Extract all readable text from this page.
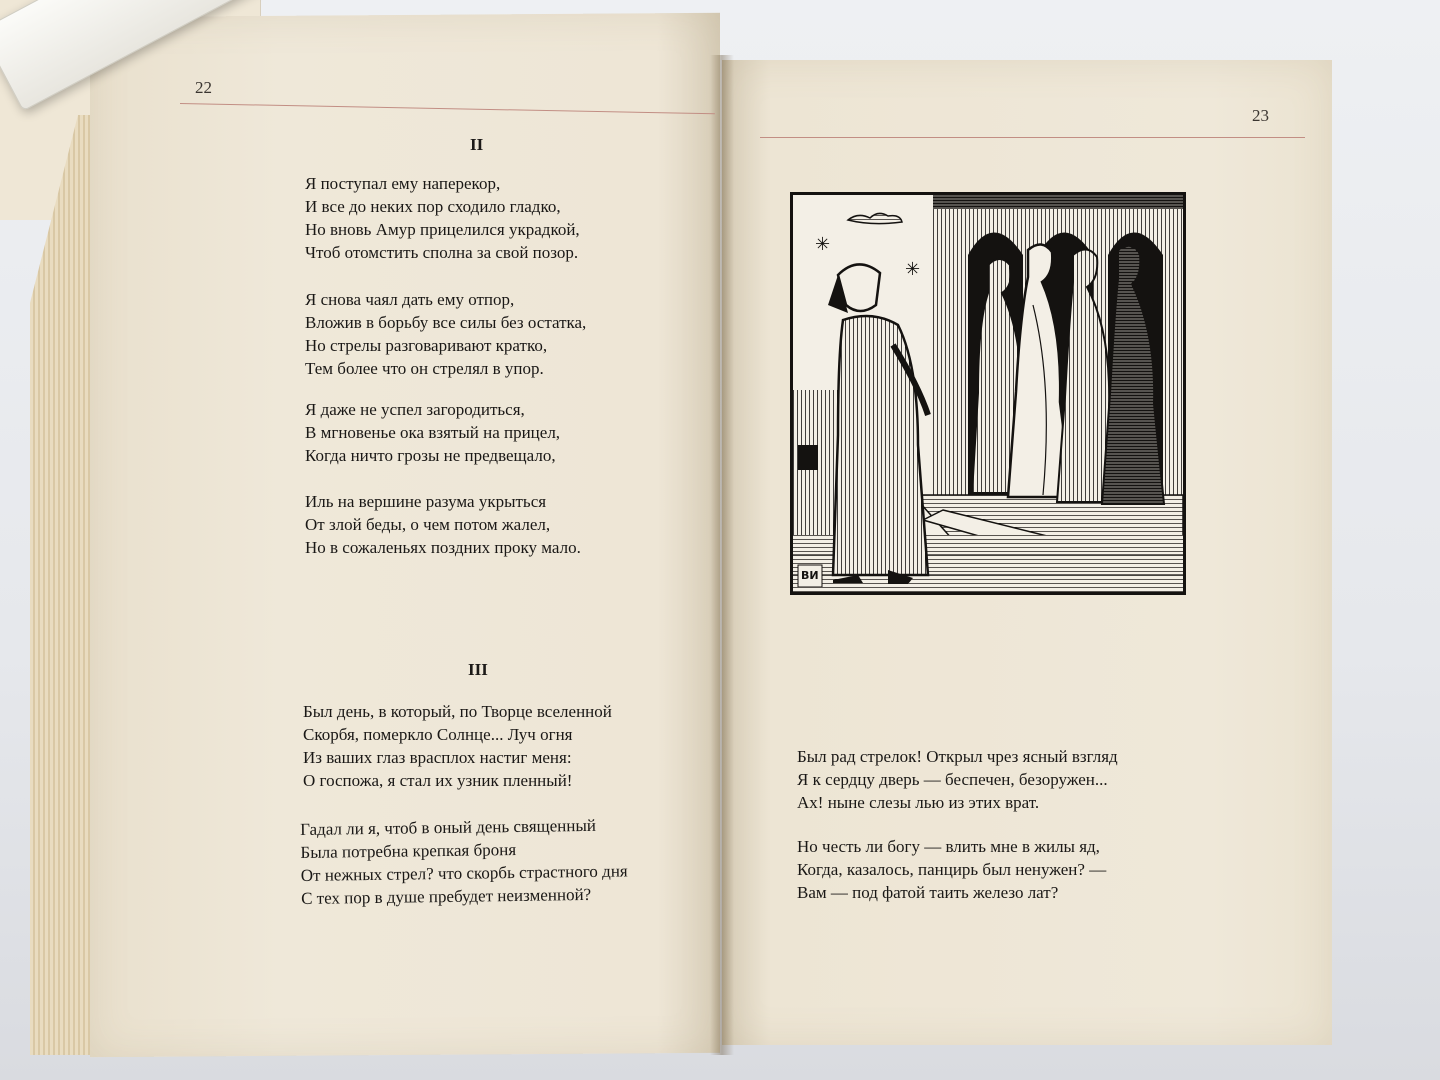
22
II
Я поступал ему наперекор,
И все до неких пор сходило гладко,
Но вновь Амур прицелился украдкой,
Чтоб отомстить сполна за свой позор.
Я снова чаял дать ему отпор,
Вложив в борьбу все силы без остатка,
Но стрелы разговаривают кратко,
Тем более что он стрелял в упор.
Я даже не успел загородиться,
В мгновенье ока взятый на прицел,
Когда ничто грозы не предвещало,
Иль на вершине разума укрыться
От злой беды, о чем потом жалел,
Но в сожаленьях поздних проку мало.
III
Был день, в который, по Творце вселенной
Скорбя, померкло Солнце... Луч огня
Из ваших глаз врасплох настиг меня:
О госпожа, я стал их узник пленный!
Гадал ли я, чтоб в оный день священный
Была потребна крепкая броня
От нежных стрел? что скорбь страстного дня
С тех пор в душе пребудет неизменной?
23
✳
✳
ВИ
Был рад стрелок! Открыл чрез ясный взгляд
Я к сердцу дверь — беспечен, безоружен...
Ах! ныне слезы лью из этих врат.
Но честь ли богу — влить мне в жилы яд,
Когда, казалось, панцирь был ненужен? —
Вам — под фатой таить железо лат?
